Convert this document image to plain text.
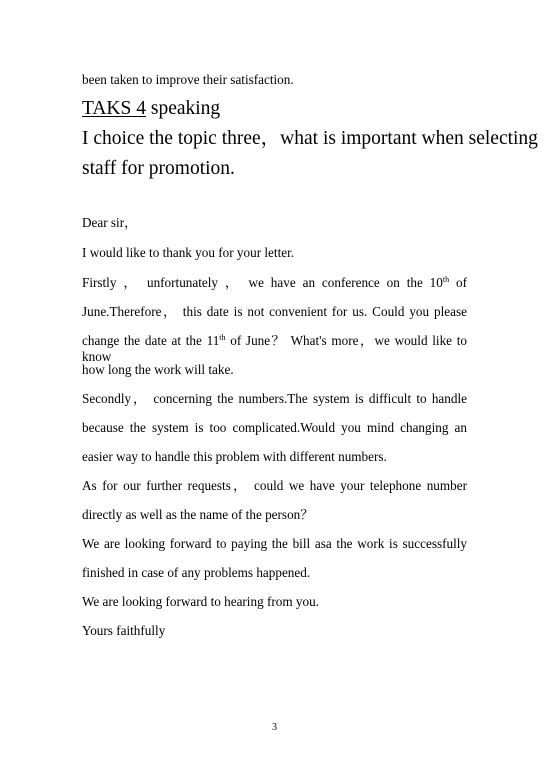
been taken to improve their satisfaction.
TAKS 4 speaking
I choice the topic three，what is important when selecting
staff for promotion.
Dear sir，
I would like to thank you for your letter.
Firstly ， unfortunately ， we have an conference on the 10th of
June.Therefore， this date is not convenient for us. Could you please
change the date at the 11th of June？ What's more，we would like to know
how long the work will take.
Secondly， concerning the numbers.The system is difficult to handle
because the system is too complicated.Would you mind changing an
easier way to handle this problem with different numbers.
As for our further requests， could we have your telephone number
directly as well as the name of the person？
We are looking forward to paying the bill asa the work is successfully
finished in case of any problems happened.
We are looking forward to hearing from you.
Yours faithfully
3
